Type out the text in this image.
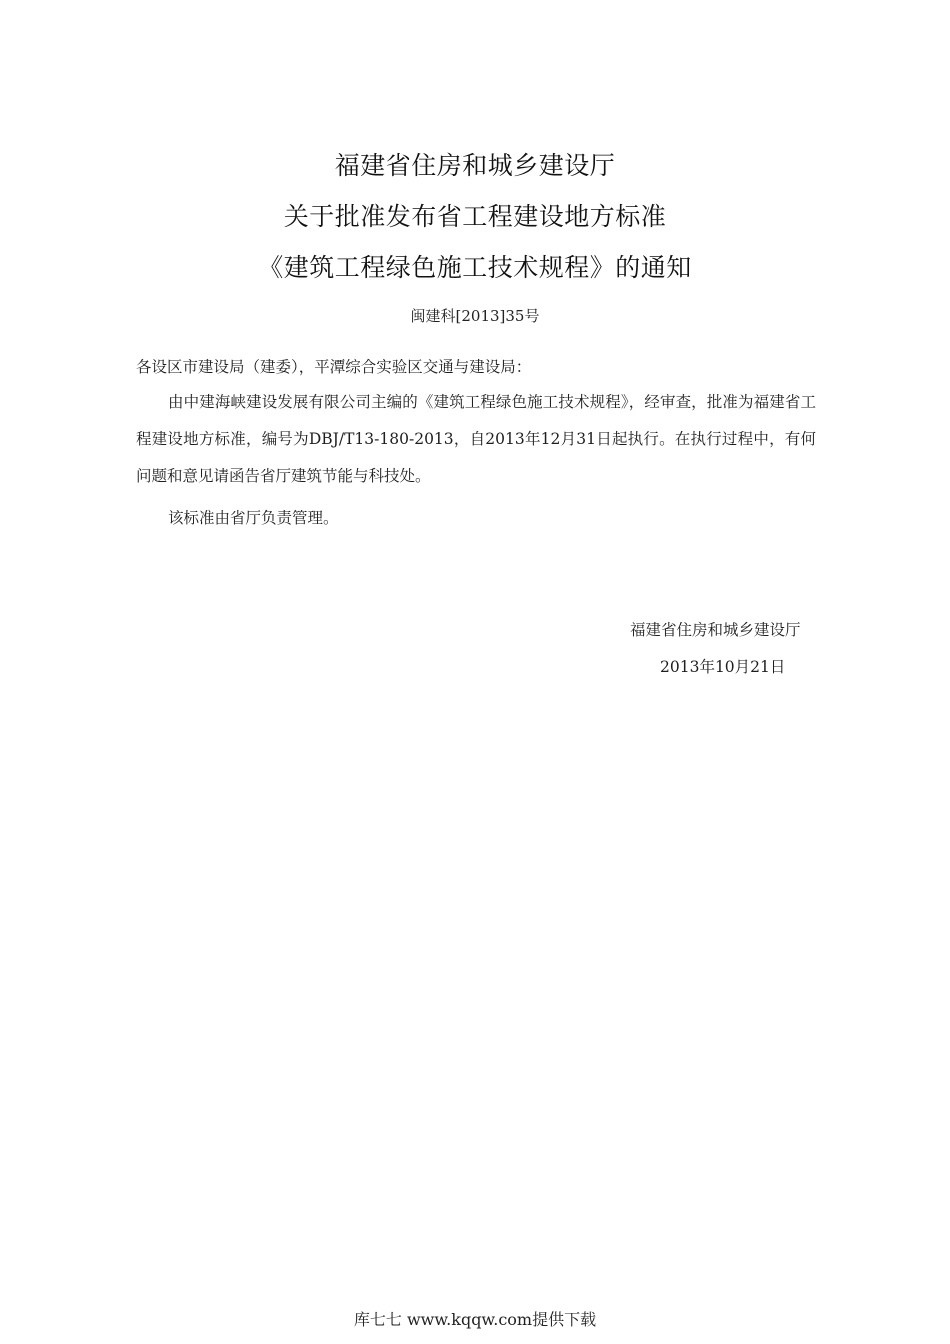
福建省住房和城乡建设厅
关于批准发布省工程建设地方标准
《建筑工程绿色施工技术规程》的通知
闽建科[2013]35号
各设区市建设局（建委），平潭综合实验区交通与建设局：
由中建海峡建设发展有限公司主编的《建筑工程绿色施工技术规程》，经审查，批准为福建省工程建设地方标准，编号为DBJ/T13-180-2013，自2013年12月31日起执行。在执行过程中，有何问题和意见请函告省厅建筑节能与科技处。
该标准由省厅负责管理。
福建省住房和城乡建设厅
2013年10月21日
库七七 www.kqqw.com提供下载
